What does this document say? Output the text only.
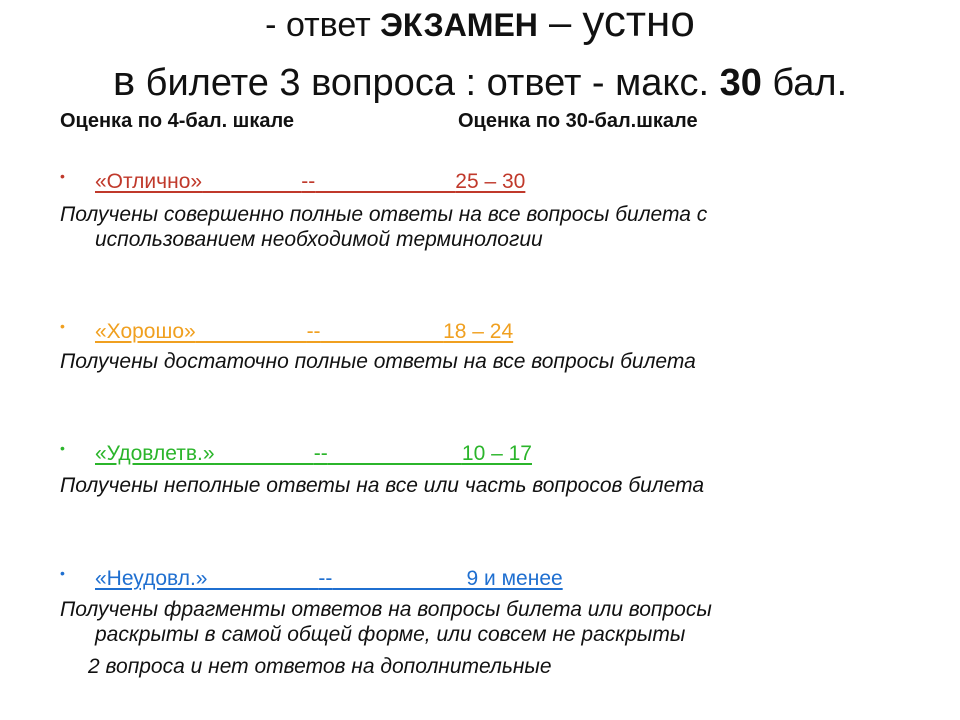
- ответ ЭКЗАМЕН – устно
в билете 3 вопроса : ответ - макс. 30 бал.
Оценка по 4-бал. шкале	Оценка по 30-бал.шкале
• «Отлично»	--	25 – 30
Получены совершенно полные ответы на все вопросы билета с
использованием необходимой терминологии
• «Хорошо»	--	18 – 24
Получены достаточно полные ответы на все вопросы билета
• «Удовлетв.»	--	10 – 17
Получены неполные ответы на все или часть вопросов билета
• «Неудовл.»	--	9 и менее
Получены фрагменты ответов на вопросы билета или вопросы
раскрыты в самой общей форме, или совсем не раскрыты
2 вопроса и нет ответов на дополнительные
